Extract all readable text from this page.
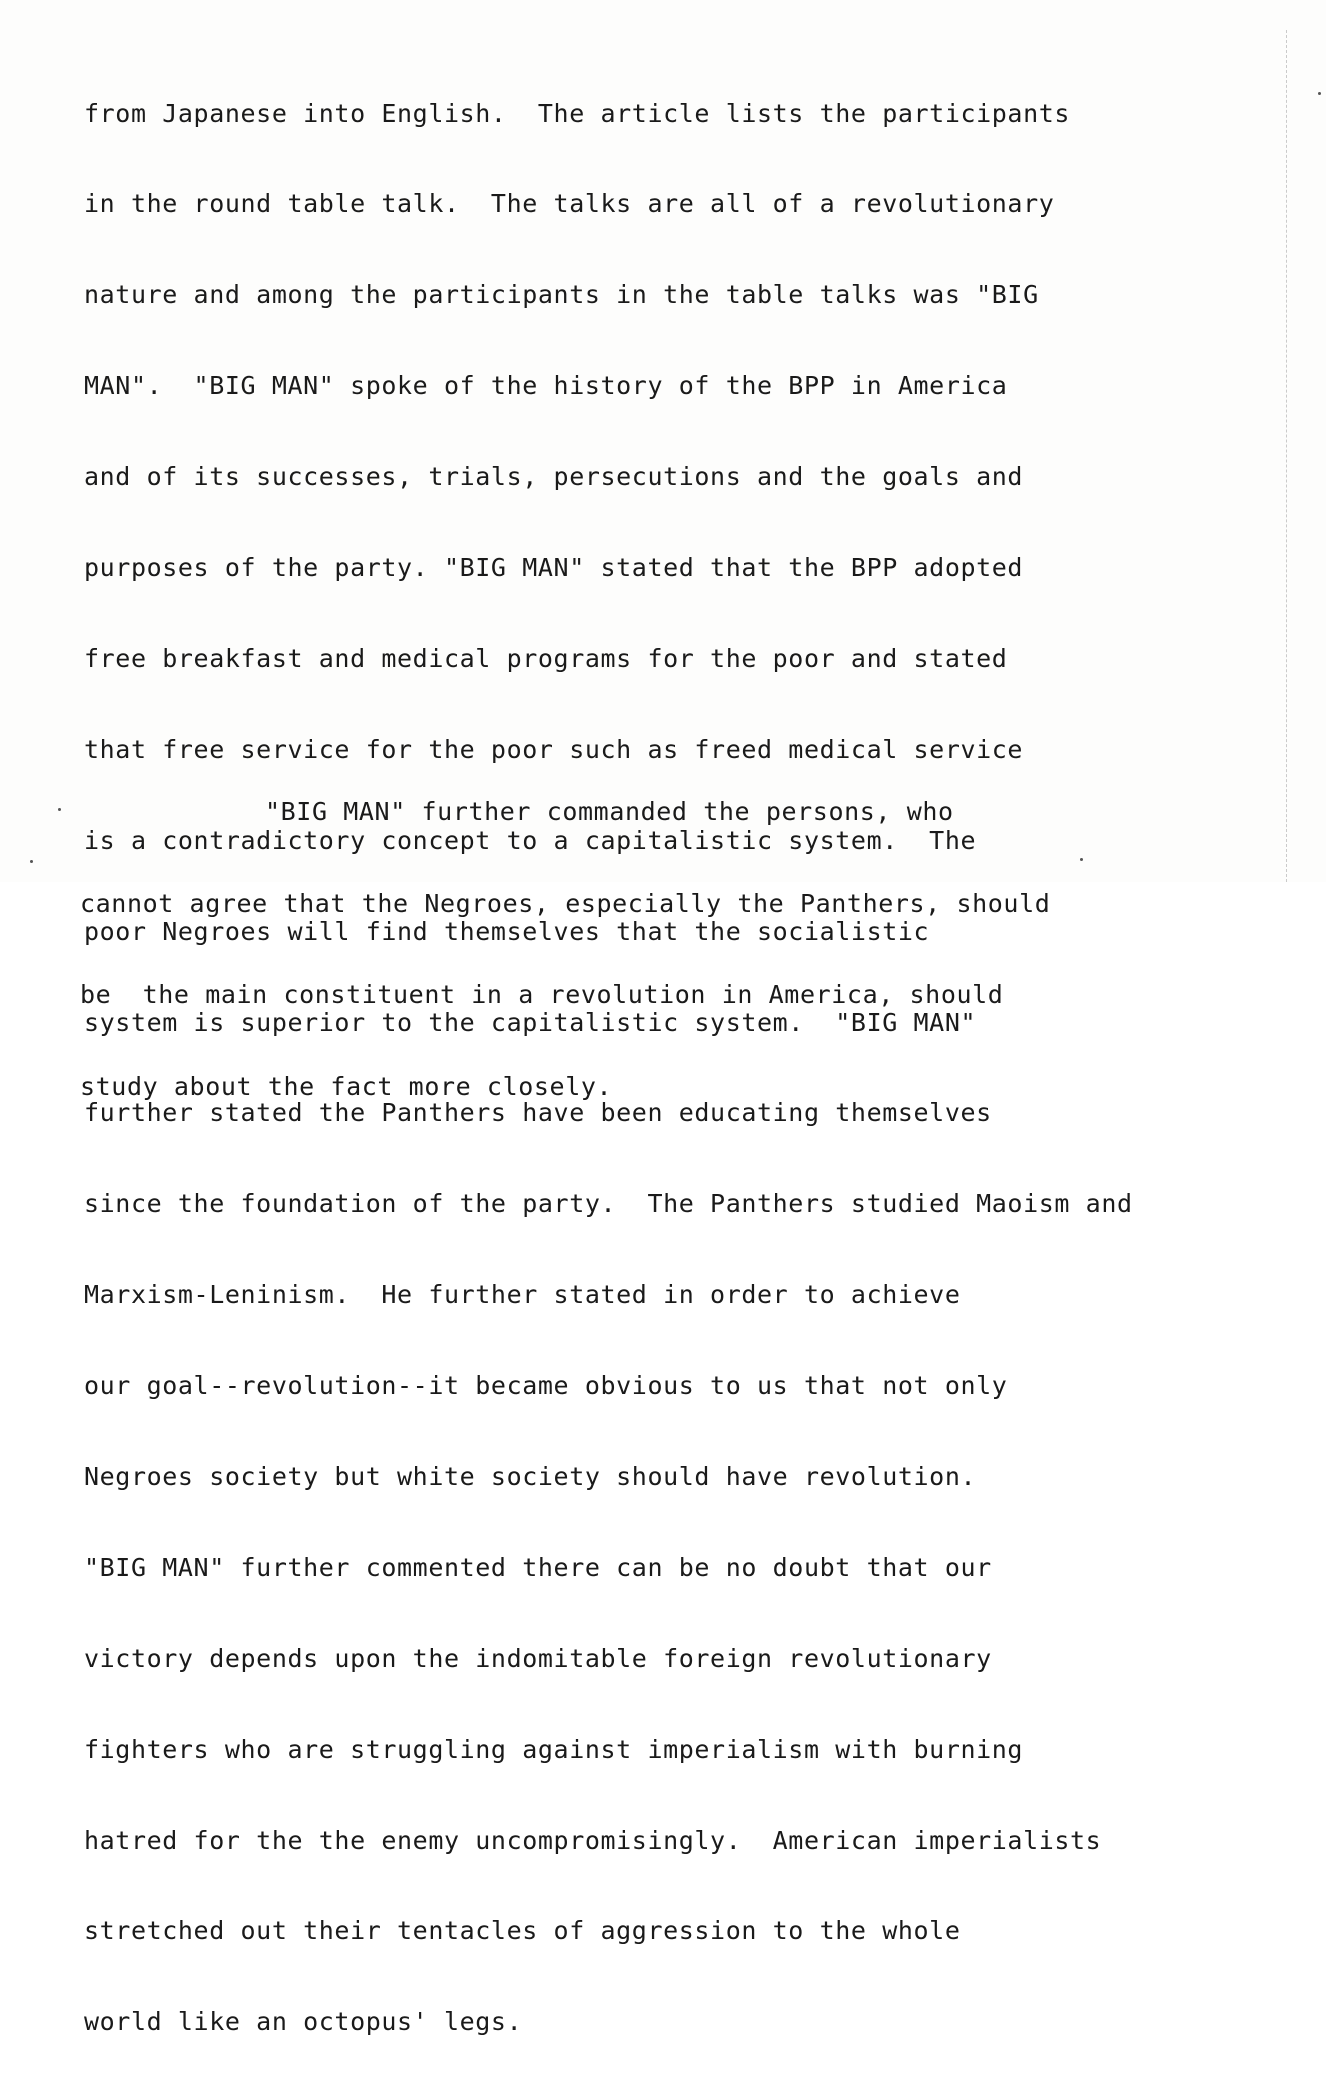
from Japanese into English.  The article lists the participants

in the round table talk.  The talks are all of a revolutionary

nature and among the participants in the table talks was "BIG

MAN".  "BIG MAN" spoke of the history of the BPP in America

and of its successes, trials, persecutions and the goals and

purposes of the party. "BIG MAN" stated that the BPP adopted

free breakfast and medical programs for the poor and stated

that free service for the poor such as freed medical service

is a contradictory concept to a capitalistic system.  The

poor Negroes will find themselves that the socialistic

system is superior to the capitalistic system.  "BIG MAN"

further stated the Panthers have been educating themselves

since the foundation of the party.  The Panthers studied Maoism and

Marxism-Leninism.  He further stated in order to achieve

our goal--revolution--it became obvious to us that not only

Negroes society but white society should have revolution.

"BIG MAN" further commented there can be no doubt that our

victory depends upon the indomitable foreign revolutionary

fighters who are struggling against imperialism with burning

hatred for the the enemy uncompromisingly.  American imperialists

stretched out their tentacles of aggression to the whole

world like an octopus' legs.

"BIG MAN" further commanded the persons, who

cannot agree that the Negroes, especially the Panthers, should

be  the main constituent in a revolution in America, should

study about the fact more closely.
